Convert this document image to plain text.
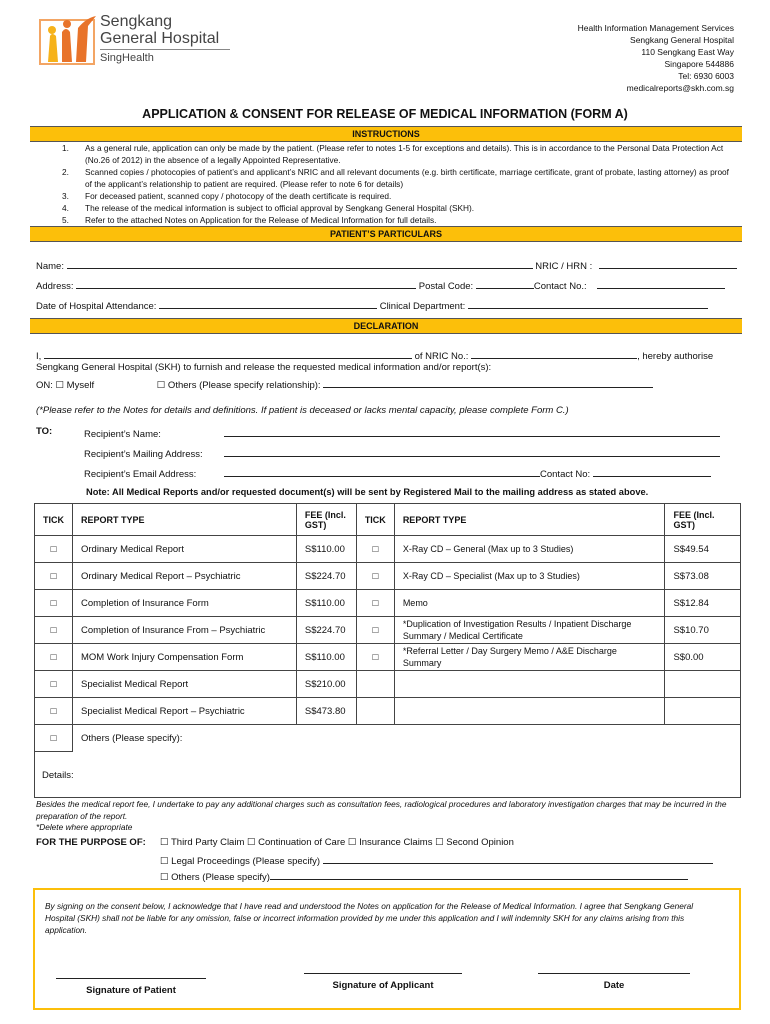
Sengkang
General Hospital
SingHealth
Health Information Management Services
Sengkang General Hospital
110 Sengkang East Way
Singapore 544886
Tel: 6930 6003
medicalreports@skh.com.sg
APPLICATION & CONSENT FOR RELEASE OF MEDICAL INFORMATION (FORM A)
INSTRUCTIONS
1. As a general rule, application can only be made by the patient. (Please refer to notes 1-5 for exceptions and details). This is in accordance to the Personal Data Protection Act (No.26 of 2012) in the absence of a legally Appointed Representative.
2. Scanned copies / photocopies of patient’s and applicant’s NRIC and all relevant documents (e.g. birth certificate, marriage certificate, grant of probate, lasting attorney) as proof of the applicant’s relationship to patient are required. (Please refer to note 6 for details)
3. For deceased patient, scanned copy / photocopy of the death certificate is required.
4. The release of the medical information is subject to official approval by Sengkang General Hospital (SKH).
5. Refer to the attached Notes on Application for the Release of Medical Information for full details.
PATIENT’S PARTICULARS
Name:	NRIC / HRN :
Address:	Postal Code:	Contact No.:
Date of Hospital Attendance:	Clinical Department:
DECLARATION
I,	of NRIC No.:	, hereby authorise
Sengkang General Hospital (SKH) to furnish and release the requested medical information and/or report(s):
ON: ☐ Myself	☐ Others (Please specify relationship):
(*Please refer to the Notes for details and definitions. If patient is deceased or lacks mental capacity, please complete Form C.)
TO:	Recipient’s Name:
Recipient’s Mailing Address:
Recipient’s Email Address:	Contact No:
Note: All Medical Reports and/or requested document(s) will be sent by Registered Mail to the mailing address as stated above.
TICK	REPORT TYPE	FEE (Incl. GST)	TICK	REPORT TYPE	FEE (Incl. GST)
□	Ordinary Medical Report	S$110.00	□	X-Ray CD – General (Max up to 3 Studies)	S$49.54
□	Ordinary Medical Report – Psychiatric	S$224.70	□	X-Ray CD – Specialist (Max up to 3 Studies)	S$73.08
□	Completion of Insurance Form	S$110.00	□	Memo	S$12.84
□	Completion of Insurance From – Psychiatric	S$224.70	□	*Duplication of Investigation Results / Inpatient Discharge Summary / Medical Certificate	S$10.70
□	MOM Work Injury Compensation Form	S$110.00	□	*Referral Letter / Day Surgery Memo / A&E Discharge Summary	S$0.00
□	Specialist Medical Report	S$210.00			
□	Specialist Medical Report – Psychiatric	S$473.80			
□	Others (Please specify):				
Details:
Besides the medical report fee, I undertake to pay any additional charges such as consultation fees, radiological procedures and laboratory investigation charges that may be incurred in the preparation of the report.
*Delete where appropriate
FOR THE PURPOSE OF: ☐ Third Party Claim ☐ Continuation of Care ☐ Insurance Claims ☐ Second Opinion
☐ Legal Proceedings (Please specify)
☐ Others (Please specify)
By signing on the consent below, I acknowledge that I have read and understood the Notes on application for the Release of Medical Information. I agree that Sengkang General Hospital (SKH) shall not be liable for any omission, false or incorrect information provided by me under this application and I will indemnity SKH for any claims arising from this application.
Signature of Patient	Signature of Applicant	Date
